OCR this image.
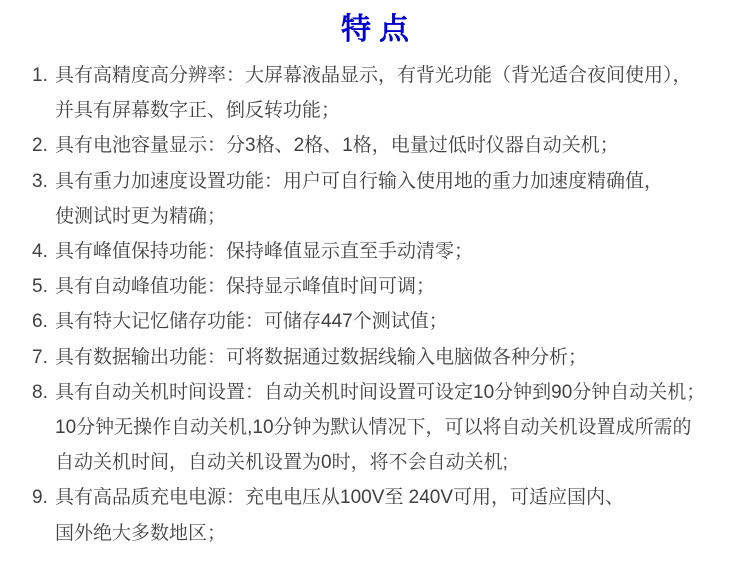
特点
1. 具有高精度高分辨率：大屏幕液晶显示，有背光功能（背光适合夜间使用），
并具有屏幕数字正、倒反转功能；
2. 具有电池容量显示：分3格、2格、1格，电量过低时仪器自动关机；
3. 具有重力加速度设置功能：用户可自行输入使用地的重力加速度精确值，
使测试时更为精确；
4. 具有峰值保持功能：保持峰值显示直至手动清零；
5. 具有自动峰值功能：保持显示峰值时间可调；
6. 具有特大记忆储存功能：可储存447个测试值；
7. 具有数据输出功能：可将数据通过数据线输入电脑做各种分析；
8. 具有自动关机时间设置：自动关机时间设置可设定10分钟到90分钟自动关机；
10分钟无操作自动关机,10分钟为默认情况下，可以将自动关机设置成所需的
自动关机时间，自动关机设置为0时，将不会自动关机;
9. 具有高品质充电电源：充电电压从100V至 240V可用，可适应国内、
国外绝大多数地区；
